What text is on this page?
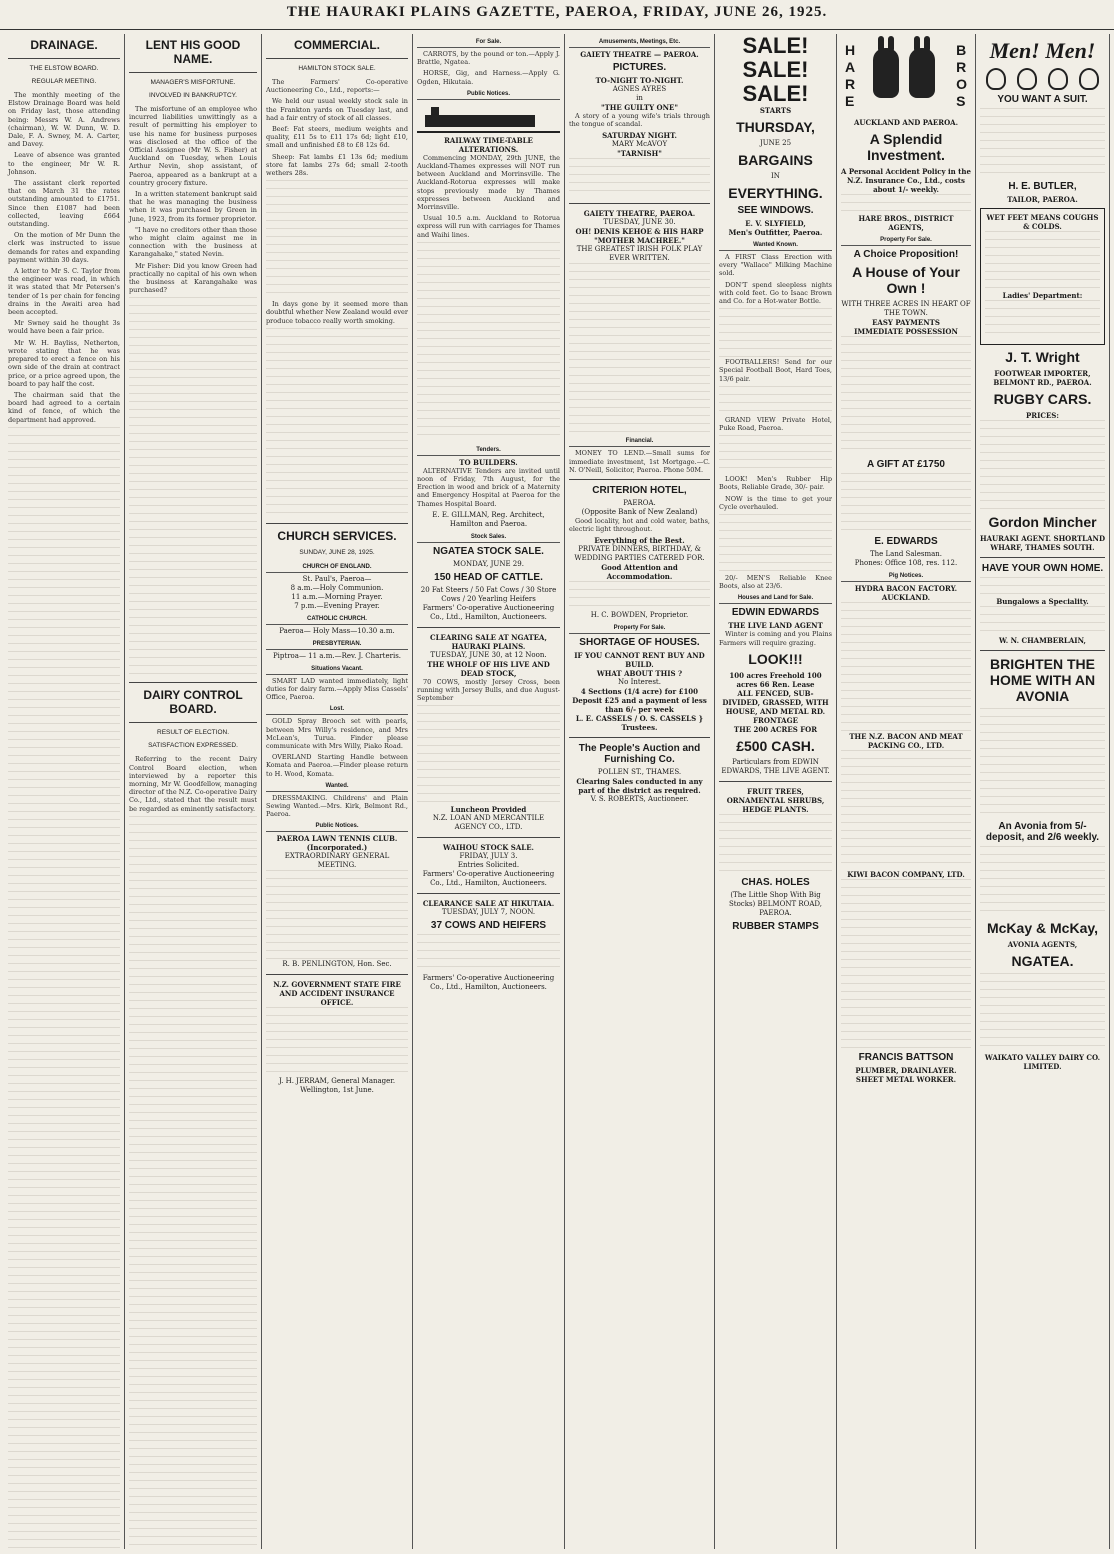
THE HAURAKI PLAINS GAZETTE, PAEROA, FRIDAY, JUNE 26, 1925.
DRAINAGE.
THE ELSTOW BOARD.
REGULAR MEETING.

The monthly meeting of the Elstow Drainage Board was held on Friday last, those attending being: Messrs W. A. Andrews (chairman), W. W. Dunn, W. D. Dale, F. A. Swney, M. A. Carter, and Davey.

Leave of absence was granted to the engineer, Mr W. R. Johnson.

The assistant clerk reported that on March 31 the rates outstanding amounted to £1751. Since then £1087 had been collected, leaving £664 outstanding.

On the motion of Mr Dunn the clerk was instructed to issue demands for rates and expanding payment within 30 days.

A letter to Mr S. C. Taylor from the engineer was read, in which it was stated that Mr Petersen's tender of 1s per chain for fencing drains in the Awaiti area had been accepted.

Mr Swney said he thought 3s would have been a fair price.

Mr W. H. Bayliss, Netherton, wrote stating that he was prepared to erect a fence on his own side of the drain at contract price, or a price agreed upon, the board to pay half the cost.

The chairman said that the board had agreed to a certain kind of fence, of which the department had approved.

LENT HIS GOOD NAME.
MANAGER'S MISFORTUNE.
INVOLVED IN BANKRUPTCY.

The misfortune of an employee who incurred liabilities unwittingly as a result of permitting his employer to use his name for business purposes was disclosed at the office of the Official Assignee (Mr W. S. Fisher) at Auckland on Tuesday, when Louis Arthur Nevin, shop assistant, of Paeroa, appeared as a bankrupt at a country grocery fixture.

In a written statement bankrupt said that he was managing the business when it was purchased by Green in June, 1923, from its former proprietor.

"I have no creditors other than those who might claim against me in connection with the business at Karangahake," stated Nevin.

Mr Fisher: Did you know Green had practically no capital of his own when the business at Karangahake was purchased?

DAIRY CONTROL BOARD.
RESULT OF ELECTION.
SATISFACTION EXPRESSED.

Referring to the recent Dairy Control Board election, when interviewed by a reporter this morning, Mr W. Goodfellow, managing director of the N.Z. Co-operative Dairy Co., Ltd., stated that the result must be regarded as eminently satisfactory.

COMMERCIAL.
HAMILTON STOCK SALE.

The Farmers' Co-operative Auctioneering Co., Ltd., reports:—

We held our usual weekly stock sale in the Frankton yards on Tuesday last, and had a fair entry of stock of all classes.

Beef: Fat steers, medium weights and quality, £11 5s to £11 17s 6d; light £10, small and unfinished £8 to £8 12s 6d.

Sheep: Fat lambs £1 13s 6d; medium store fat lambs 27s 6d; small 2-tooth wethers 28s.

In days gone by it seemed more than doubtful whether New Zealand would ever produce tobacco really worth smoking.

CHURCH SERVICES.
SUNDAY, JUNE 28, 1925.
CHURCH OF ENGLAND.
St. Paul's, Paeroa—
8 a.m.—Holy Communion.
11 a.m.—Morning Prayer.
7 p.m.—Evening Prayer.
CATHOLIC CHURCH.
Paeroa— Holy Mass—10.30 a.m.
PRESBYTERIAN.
Piptroa— 11 a.m.—Rev. J. Charteris.
Situations Vacant.

SMART LAD wanted immediately, light duties for dairy farm.—Apply Miss Cassels' Office, Paeroa.

Lost.

GOLD Spray Brooch set with pearls, between Mrs Willy's residence, and Mrs McLean's, Turua. Finder please communicate with Mrs Willy, Piako Road.

OVERLAND Starting Handle between Komata and Paeroa.—Finder please return to H. Wood, Komata.

Wanted.

DRESSMAKING. Childrens' and Plain Sewing Wanted.—Mrs. Kirk, Belmont Rd., Paeroa.

Public Notices.
PAEROA LAWN TENNIS CLUB. (Incorporated.)
EXTRAORDINARY GENERAL MEETING.
R. B. PENLINGTON, Hon. Sec.
N.Z. GOVERNMENT STATE FIRE AND ACCIDENT INSURANCE OFFICE.
J. H. JERRAM, General Manager. Wellington, 1st June.
For Sale.

CARROTS, by the pound or ton.—Apply J. Brattle, Ngatea.

HORSE, Gig, and Harness.—Apply G. Ogden, Hikutaia.

Public Notices.
RAILWAY TIME-TABLE ALTERATIONS.

Commencing MONDAY, 29th JUNE, the Auckland-Thames expresses will NOT run between Auckland and Morrinsville. The Auckland-Rotorua expresses will make stops previously made by Thames expresses between Auckland and Morrinsville.

Usual 10.5 a.m. Auckland to Rotorua express will run with carriages for Thames and Waihi lines.

Tenders.
TO BUILDERS.

ALTERNATIVE Tenders are invited until noon of Friday, 7th August, for the Erection in wood and brick of a Maternity and Emergency Hospital at Paeroa for the Thames Hospital Board.

E. E. GILLMAN, Reg. Architect, Hamilton and Paeroa.
Stock Sales.
NGATEA STOCK SALE.
MONDAY, JUNE 29.
150 HEAD OF CATTLE.
20 Fat Steers / 50 Fat Cows / 30 Store Cows / 20 Yearling Heifers
Farmers' Co-operative Auctioneering Co., Ltd., Hamilton, Auctioneers.
CLEARING SALE AT NGATEA, HAURAKI PLAINS.
TUESDAY, JUNE 30, at 12 Noon.
THE WHOLF OF HIS LIVE AND DEAD STOCK,

70 COWS, mostly Jersey Cross, been running with Jersey Bulls, and due August-September

Luncheon Provided
N.Z. LOAN AND MERCANTILE AGENCY CO., LTD.
WAIHOU STOCK SALE.
FRIDAY, JULY 3.
Entries Solicited.
Farmers' Co-operative Auctioneering Co., Ltd., Hamilton, Auctioneers.
CLEARANCE SALE AT HIKUTAIA.
TUESDAY, JULY 7, NOON.
37 COWS AND HEIFERS
Farmers' Co-operative Auctioneering Co., Ltd., Hamilton, Auctioneers.
Amusements, Meetings, Etc.
GAIETY THEATRE — PAEROA.
PICTURES.
TO-NIGHT TO-NIGHT.
AGNES AYRES
in
"THE GUILTY ONE"

A story of a young wife's trials through the tongue of scandal.

SATURDAY NIGHT.
MARY McAVOY
"TARNISH"
GAIETY THEATRE, PAEROA.
TUESDAY, JUNE 30.
OH! DENIS KEHOE & HIS HARP
"MOTHER MACHREE."
THE GREATEST IRISH FOLK PLAY EVER WRITTEN.
Financial.

MONEY TO LEND.—Small sums for immediate investment, 1st Mortgage.—C. N. O'Neill, Solicitor, Paeroa. Phone 50M.

CRITERION HOTEL,
PAEROA.
(Opposite Bank of New Zealand)

Good locality, hot and cold water, baths, electric light throughout.

Everything of the Best.
PRIVATE DINNERS, BIRTHDAY, & WEDDING PARTIES CATERED FOR.
Good Attention and Accommodation.
H. C. BOWDEN, Proprietor.
Property For Sale.
SHORTAGE OF HOUSES.
IF YOU CANNOT RENT BUY AND BUILD.
WHAT ABOUT THIS ?
No Interest.
4 Sections (1/4 acre) for £100
Deposit £25 and a payment of less than 6/- per week
L. E. CASSELS / O. S. CASSELS } Trustees.
The People's Auction and Furnishing Co.
POLLEN ST., THAMES.
Clearing Sales conducted in any part of the district as required.
V. S. ROBERTS, Auctioneer.
SALE!
SALE!
SALE!
STARTS
THURSDAY,
JUNE 25
BARGAINS
IN
EVERYTHING.
SEE WINDOWS.
E. V. SLYFIELD,
Men's Outfitter, Paeroa.
Wanted Known.

A FIRST Class Erection with every "Wallace" Milking Machine sold.

DON'T spend sleepless nights with cold feet. Go to Isaac Brown and Co. for a Hot-water Bottle.

FOOTBALLERS! Send for our Special Football Boot, Hard Toes, 13/6 pair.

GRAND VIEW Private Hotel, Puke Road, Paeroa.

LOOK! Men's Rubber Hip Boots, Reliable Grade, 30/- pair.

NOW is the time to get your Cycle overhauled.

20/- MEN'S Reliable Knee Boots, also at 23/6.

Houses and Land for Sale.
EDWIN EDWARDS
THE LIVE LAND AGENT

Winter is coming and you Plains Farmers will require grazing.

LOOK!!!
100 acres Freehold 100 acres 66 Ren. Lease
ALL FENCED, SUB-DIVIDED, GRASSED, WITH HOUSE, AND METAL RD. FRONTAGE
THE 200 ACRES FOR
£500 CASH.
Particulars from EDWIN EDWARDS, THE LIVE AGENT.
FRUIT TREES, ORNAMENTAL SHRUBS, HEDGE PLANTS.
CHAS. HOLES
(The Little Shop With Big Stocks) BELMONT ROAD, PAEROA.
RUBBER STAMPS
H
A
R
E
B
R
O
S
AUCKLAND AND PAEROA.
A Splendid Investment.
A Personal Accident Policy in the N.Z. Insurance Co., Ltd., costs about 1/- weekly.
HARE BROS., DISTRICT AGENTS,
Property For Sale.
A Choice Proposition!
A House of Your Own !
WITH THREE ACRES IN HEART OF THE TOWN.
EASY PAYMENTS
IMMEDIATE POSSESSION
A GIFT AT £1750
E. EDWARDS
The Land Salesman.
Phones: Office 108, res. 112.
Pig Notices.
HYDRA BACON FACTORY. AUCKLAND.
THE N.Z. BACON AND MEAT PACKING CO., LTD.
KIWI BACON COMPANY, LTD.
FRANCIS BATTSON
PLUMBER, DRAINLAYER. SHEET METAL WORKER.
Men! Men!
YOU WANT A SUIT.
H. E. BUTLER,
TAILOR, PAEROA.
WET FEET MEANS COUGHS & COLDS.
Ladies' Department:
J. T. Wright
FOOTWEAR IMPORTER, BELMONT RD., PAEROA.
RUGBY CARS.
PRICES:
Gordon Mincher
HAURAKI AGENT. SHORTLAND WHARF, THAMES SOUTH.
HAVE YOUR OWN HOME.
Bungalows a Speciality.
W. N. CHAMBERLAIN,
BRIGHTEN THE HOME WITH AN AVONIA
An Avonia from 5/- deposit, and 2/6 weekly.
McKay & McKay,
AVONIA AGENTS,
NGATEA.
WAIKATO VALLEY DAIRY CO. LIMITED.
